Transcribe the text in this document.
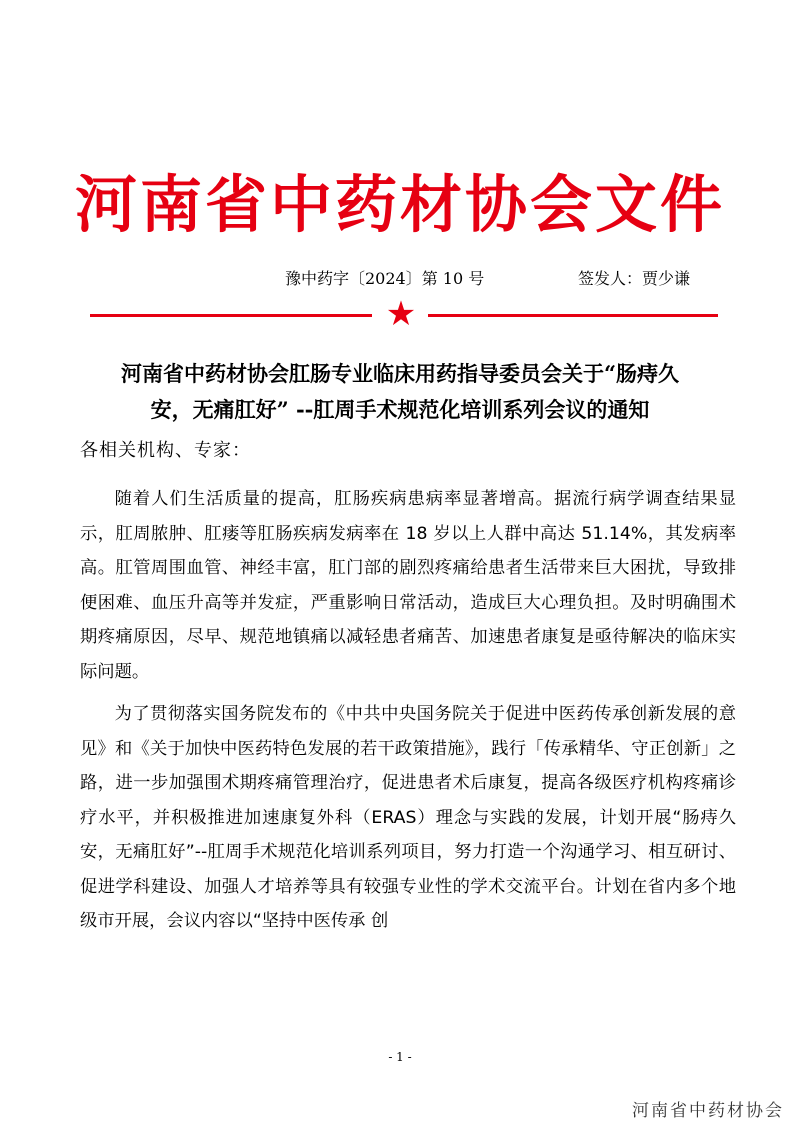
河南省中药材协会文件
豫中药字〔2024〕第 10 号	签发人：贾少谦
★
河南省中药材协会肛肠专业临床用药指导委员会关于“肠痔久
安，无痛肛好” --肛周手术规范化培训系列会议的通知
各相关机构、专家：

随着人们生活质量的提高，肛肠疾病患病率显著增高。据流行病学调查结果显示，肛周脓肿、肛瘘等肛肠疾病发病率在 18 岁以上人群中高达 51.14%，其发病率高。肛管周围血管、神经丰富，肛门部的剧烈疼痛给患者生活带来巨大困扰，导致排便困难、血压升高等并发症，严重影响日常活动，造成巨大心理负担。及时明确围术期疼痛原因，尽早、规范地镇痛以减轻患者痛苦、加速患者康复是亟待解决的临床实际问题。

为了贯彻落实国务院发布的《中共中央国务院关于促进中医药传承创新发展的意见》和《关于加快中医药特色发展的若干政策措施》，践行「传承精华、守正创新」之路，进一步加强围术期疼痛管理治疗，促进患者术后康复，提高各级医疗机构疼痛诊疗水平，并积极推进加速康复外科（ERAS）理念与实践的发展，计划开展“肠痔久安，无痛肛好”--肛周手术规范化培训系列项目，努力打造一个沟通学习、相互研讨、促进学科建设、加强人才培养等具有较强专业性的学术交流平台。计划在省内多个地级市开展，会议内容以“坚持中医传承 创

- 1 -
河南省中药材协会
